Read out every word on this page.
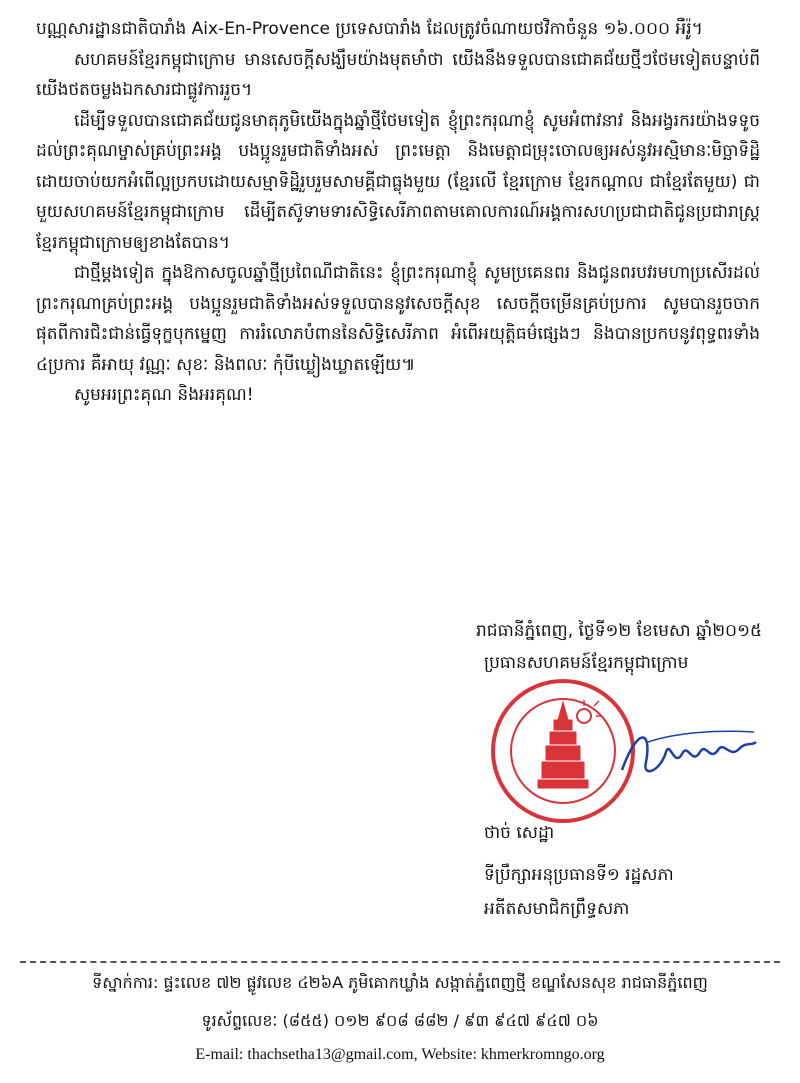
បណ្ណសារដ្ឋានជាតិបារាំង Aix-En-Provence ប្រទេសបារាំង ដែលត្រូវចំណាយថវិកាចំនួន ១៦.០០០ អឺរ៉ូ។

សហគមន៍ខ្មែរកម្ពុជាក្រោម មានសេចក្តីសង្ឃឹមយ៉ាងមុតមាំថា យើងនឹងទទួលបានជោគជ័យថ្មីៗថែមទៀតបន្ទាប់ពីយើងថតចម្លងឯកសារជាផ្លូវការរួច។

ដើម្បីទទួលបានជោគជ័យជូនមាតុភូមិយើងក្នុងឆ្នាំថ្មីថែមទៀត ខ្ញុំព្រះករុណាខ្ញុំ សូមអំពាវនាវ និងអង្វរករយ៉ាងទទូចដល់ព្រះគុណម្ចាស់គ្រប់ព្រះអង្គ បងប្អូនរួមជាតិទាំងអស់ ព្រះមេត្តា និងមេត្តាជម្រុះចោលឲ្យអស់នូវអស្មិមានៈមិច្ឆាទិដ្ឋិដោយចាប់យកអំពើល្អប្រកបដោយសម្មាទិដ្ឋិរួបរួមសាមគ្គីជាធ្លុងមួយ (ខ្មែរលើ ខ្មែរក្រោម ខ្មែរកណ្តាល ជាខ្មែរតែមួយ) ជាមួយសហគមន៍ខ្មែរកម្ពុជាក្រោម ដើម្បីតស៊ូទាមទារសិទ្ធិសេរីភាពតាមគោលការណ៍អង្គការសហប្រជាជាតិជូនប្រជារាស្ត្រខ្មែរកម្ពុជាក្រោមឲ្យខាងតែបាន។

ជាថ្មីម្តងទៀត ក្នុងឱកាសចូលឆ្នាំថ្មីប្រពៃណីជាតិនេះ ខ្ញុំព្រះករុណាខ្ញុំ សូមប្រគេនពរ និងជូនពរបវរមហាប្រសើរដល់ព្រះករុណាគ្រប់ព្រះអង្គ បងប្អូនរួមជាតិទាំងអស់ទទួលបាននូវសេចក្តីសុខ សេចក្តីចម្រើនគ្រប់ប្រការ សូមបានរួចចាកផុតពីការជិះជាន់ធ្វើទុក្ខបុកម្នេញ ការរំលោភបំពាននៃសិទ្ធិសេរីភាព អំពើអយុត្តិធម៌ផ្សេងៗ និងបានប្រកបនូវពុទ្ធពរទាំង ៤ប្រការ គឺអាយុ វណ្ណៈ សុខៈ និងពលៈ កុំបីឃ្លៀងឃ្លាតឡើយ៕

សូមអរព្រះគុណ និងអរគុណ!

រាជធានីភ្នំពេញ, ថ្ងៃទី១២ ខែមេសា ឆ្នាំ២០១៥
ប្រធានសហគមន៍ខ្មែរកម្ពុជាក្រោម
ថាច់ សេដ្ឋា
ទីប្រឹក្សាអនុប្រធានទី១ រដ្ឋសភា
អតីតសមាជិកព្រឹទ្ធសភា
ទីស្នាក់ការ: ផ្ទះលេខ ៧២ ផ្លូវលេខ ៤២៦A ភូមិគោកឃ្លាំង សង្កាត់ភ្នំពេញថ្មី ខណ្ឌសែនសុខ រាជធានីភ្នំពេញ
ទូរស័ព្ទលេខៈ (៨៥៥) ០១២ ៩០៨ ៨៨២ / ៩៣ ៩៤៧ ៩៤៧ ០៦
E-mail: thachsetha13@gmail.com, Website: khmerkromngo.org
